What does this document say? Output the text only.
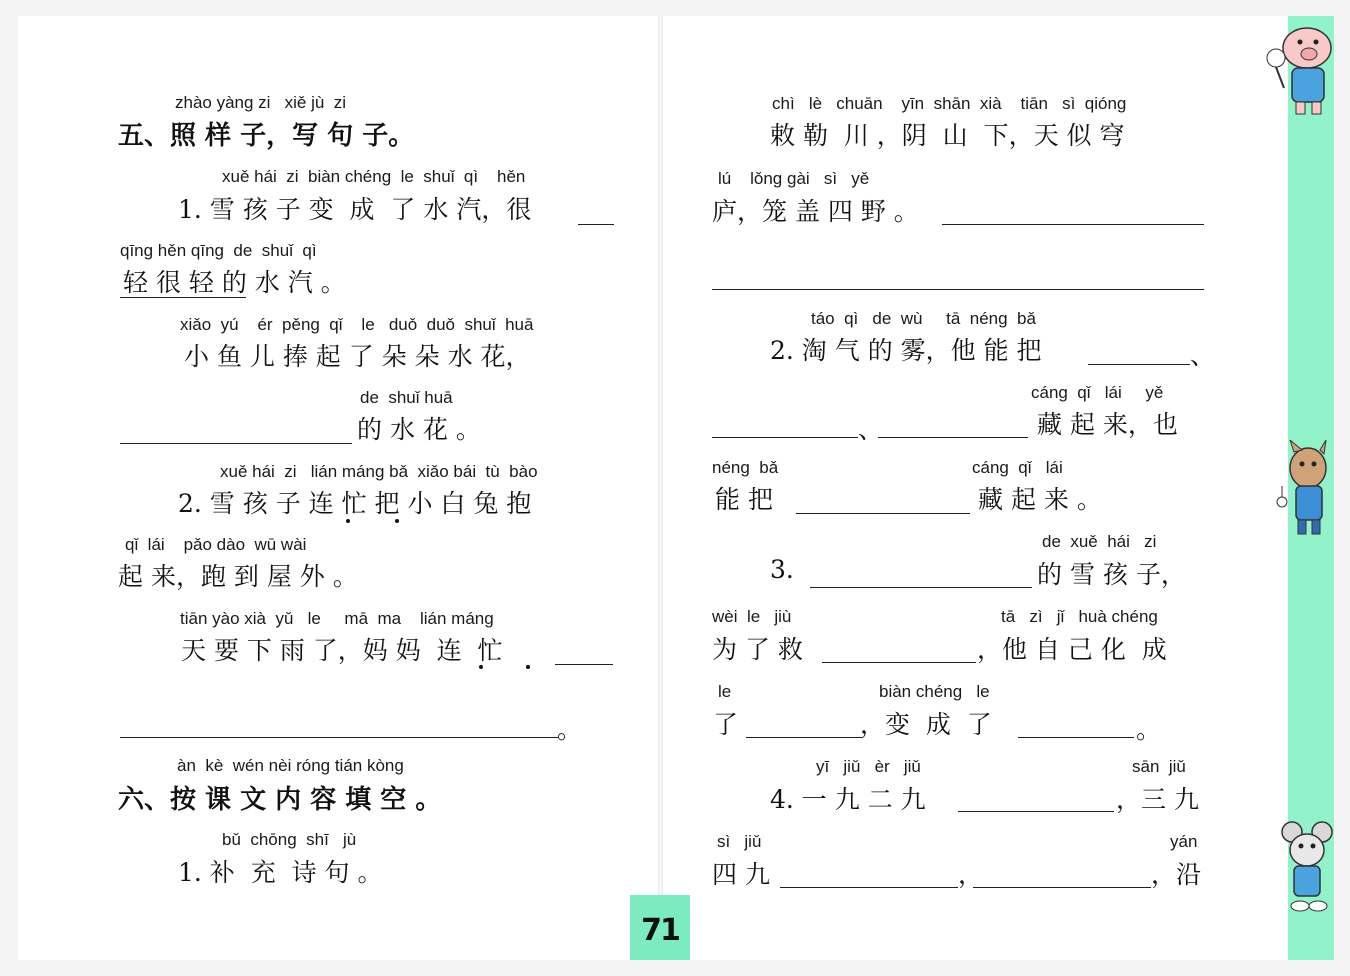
zhào yàng zi   xiě jù  zi
五、照 样 子，写 句 子。
xuě hái  zi  biàn chéng  le  shuǐ  qì    hěn
1. 雪 孩 子 变  成  了 水 汽，很
qīng hěn qīng  de  shuǐ  qì
轻 很 轻 的 水 汽 。
xiǎo  yú    ér  pěng  qǐ    le   duǒ  duǒ  shuǐ  huā
小 鱼 儿 捧 起 了 朵 朵 水 花，
de  shuǐ huā
的 水 花 。
xuě hái  zi   lián máng bǎ  xiǎo bái  tù  bào
2. 雪 孩 子 连 忙 把 小 白 兔 抱
qǐ  lái    pǎo dào  wū wài
起 来，跑 到 屋 外 。
tiān yào xià  yǔ   le     mā  ma    lián máng
天 要 下 雨 了，妈 妈  连  忙
。
àn  kè  wén nèi róng tián kòng
六、按 课 文 内 容 填 空 。
bǔ  chōng  shī   jù
1. 补  充  诗 句 。
chì   lè   chuān    yīn  shān  xià    tiān   sì  qióng
敕 勒  川 ，阴  山  下，天 似 穹
lú    lǒng gài   sì   yě
庐，笼 盖 四 野 。
táo  qì   de  wù     tā  néng  bǎ
2. 淘 气 的 雾，他 能 把	、
、
cáng  qǐ   lái     yě
藏 起 来，也
néng  bǎ
能 把
cáng  qǐ   lái
藏 起 来 。
3.
de  xuě  hái   zi
的 雪 孩 子，
wèi  le   jiù
为 了 救
tā   zì   jǐ   huà chéng
，他 自 己 化  成
le
了
biàn chéng   le
，变  成  了	。
yī   jiǔ   èr   jiǔ
4. 一 九 二 九
sān  jiǔ
，三 九
sì   jiǔ
四 九	，
yán
，沿
71
